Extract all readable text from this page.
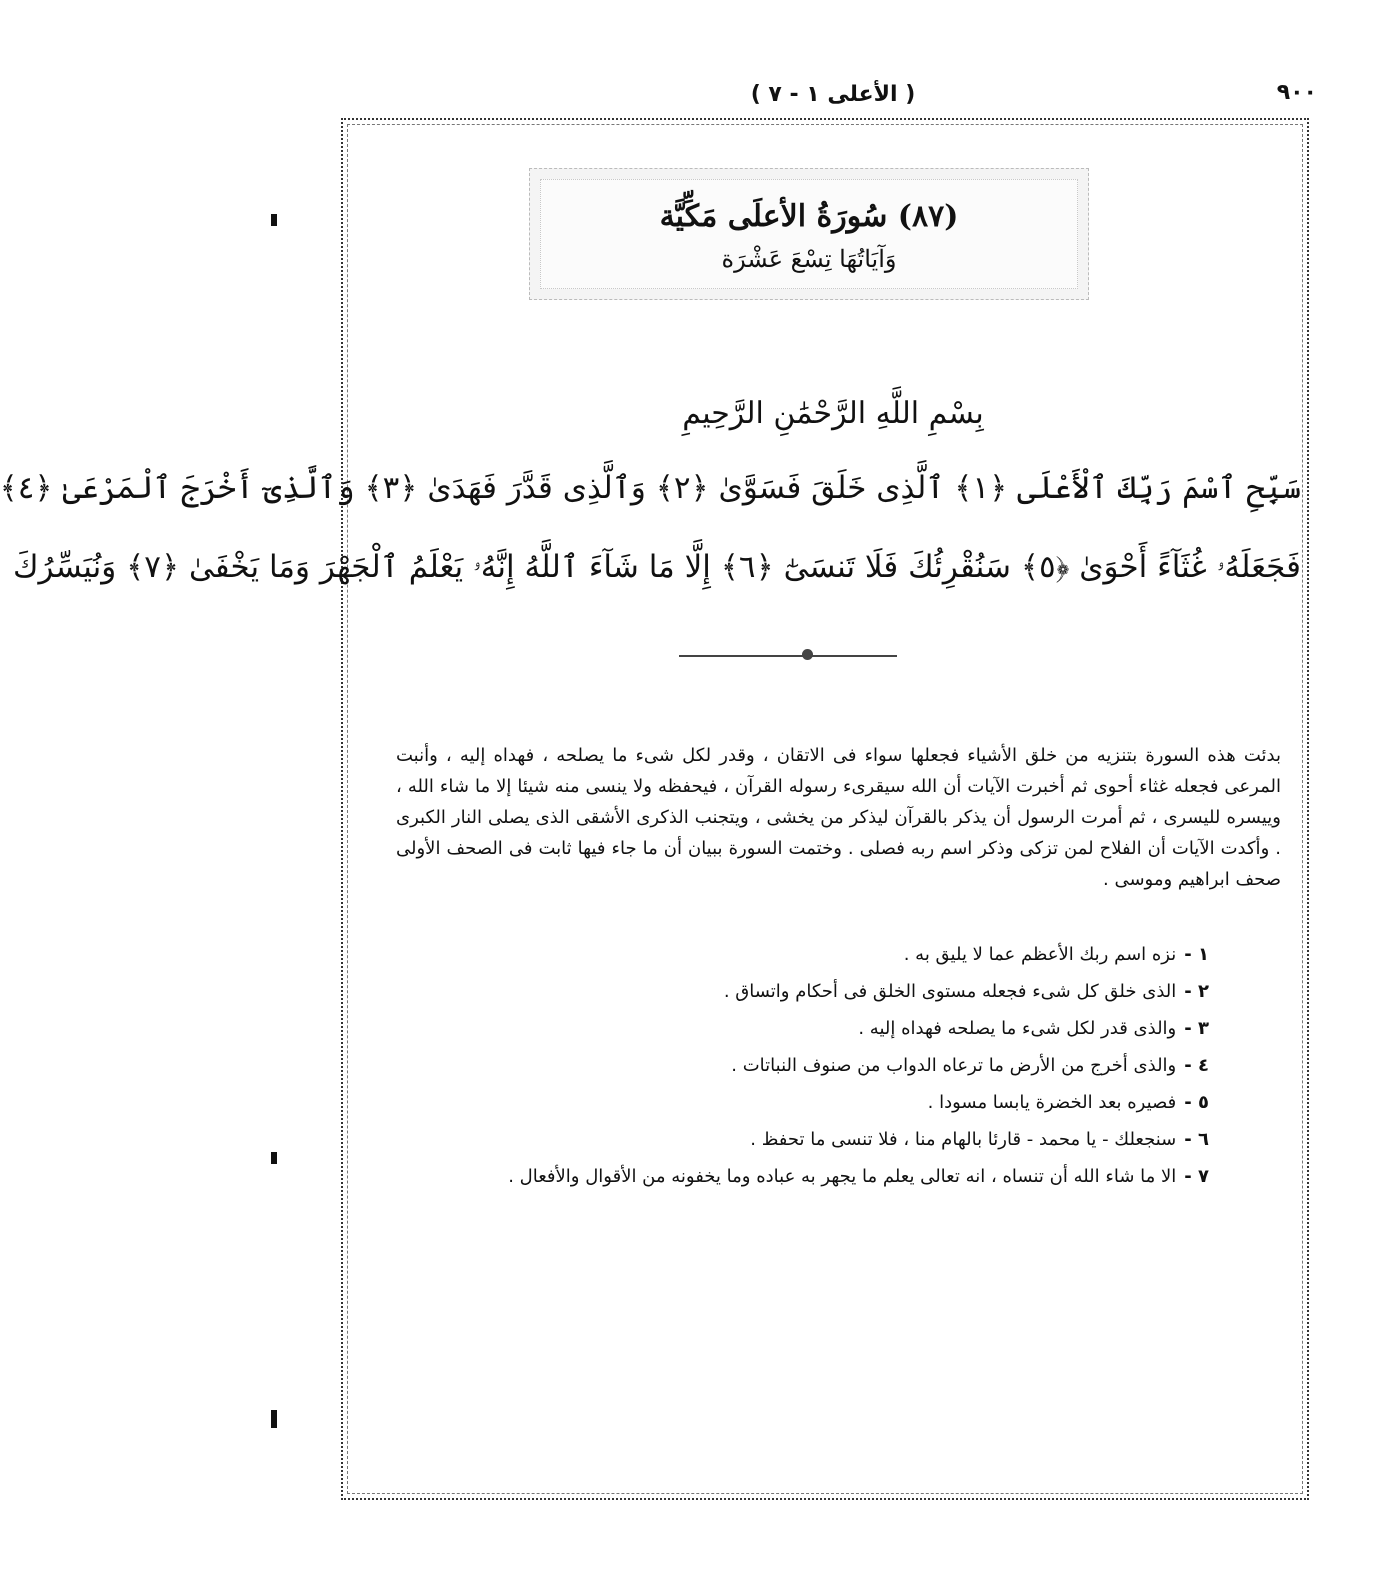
٩٠٠
( الأعلى ١ - ٧ )
(٨٧) سُورَةُ الأعلَى مَكِّيَّة
وَآيَاتُهَا تِسْعَ عَشْرَة
بِسْمِ اللَّهِ الرَّحْمَٰنِ الرَّحِيمِ
سَبِّحِ ٱسْمَ رَبِّكَ ٱلْأَعْلَى ﴿١﴾ ٱلَّذِى خَلَقَ فَسَوَّىٰ ﴿٢﴾ وَٱلَّذِى قَدَّرَ فَهَدَىٰ ﴿٣﴾ وَٱلَّذِىٓ أَخْرَجَ ٱلْمَرْعَىٰ ﴿٤﴾
فَجَعَلَهُۥ غُثَآءً أَحْوَىٰ ﴿٥﴾ سَنُقْرِئُكَ فَلَا تَنسَىٰٓ ﴿٦﴾ إِلَّا مَا شَآءَ ٱللَّهُ إِنَّهُۥ يَعْلَمُ ٱلْجَهْرَ وَمَا يَخْفَىٰ ﴿٧﴾ وَنُيَسِّرُكَ

بدئت هذه السورة بتنزيه من خلق الأشياء فجعلها سواء فى الاتقان ، وقدر لكل شىء ما يصلحه ، فهداه إليه ، وأنبت المرعى فجعله غثاء أحوى ثم أخبرت الآيات أن الله سيقرىء رسوله القرآن ، فيحفظه ولا ينسى منه شيئا إلا ما شاء الله ، وييسره لليسرى ، ثم أمرت الرسول أن يذكر بالقرآن ليذكر من يخشى ، ويتجنب الذكرى الأشقى الذى يصلى النار الكبرى . وأكدت الآيات أن الفلاح لمن تزكى وذكر اسم ربه فصلى . وختمت السورة ببيان أن ما جاء فيها ثابت فى الصحف الأولى صحف ابراهيم وموسى .

١ -نزه اسم ربك الأعظم عما لا يليق به .
٢ -الذى خلق كل شىء فجعله مستوى الخلق فى أحكام واتساق .
٣ -والذى قدر لكل شىء ما يصلحه فهداه إليه .
٤ -والذى أخرج من الأرض ما ترعاه الدواب من صنوف النباتات .
٥ -فصيره بعد الخضرة يابسا مسودا .
٦ -سنجعلك - يا محمد - قارئا بالهام منا ، فلا تنسى ما تحفظ .
٧ -الا ما شاء الله أن تنساه ، انه تعالى يعلم ما يجهر به عباده وما يخفونه من الأقوال والأفعال .
